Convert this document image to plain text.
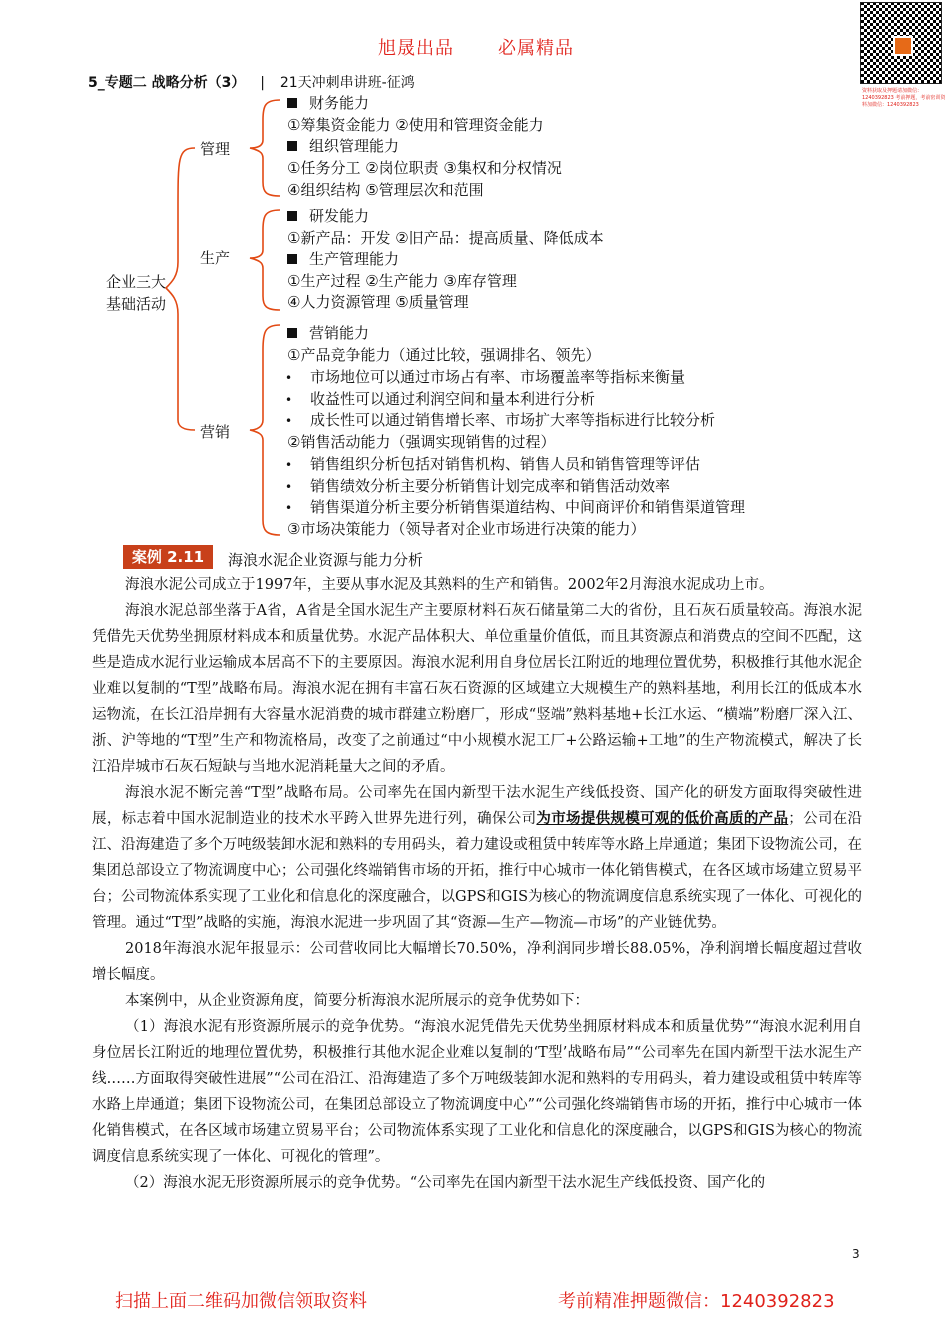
旭晟出品 必属精品
资料获取及押题请加微信：1240392823 考前押题，考前密训资料加微信：1240392823
5_专题二 战略分析（3） | 21天冲刺串讲班-征鸿
企业三大
基础活动
管理
生产
营销
财务能力
①筹集资金能力 ②使用和管理资金能力
组织管理能力
①任务分工 ②岗位职责 ③集权和分权情况
④组织结构 ⑤管理层次和范围
研发能力
①新产品：开发 ②旧产品：提高质量、降低成本
生产管理能力
①生产过程 ②生产能力 ③库存管理
④人力资源管理 ⑤质量管理
营销能力
①产品竞争能力（通过比较，强调排名、领先）
• 市场地位可以通过市场占有率、市场覆盖率等指标来衡量
• 收益性可以通过利润空间和量本利进行分析
• 成长性可以通过销售增长率、市场扩大率等指标进行比较分析
②销售活动能力（强调实现销售的过程）
• 销售组织分析包括对销售机构、销售人员和销售管理等评估
• 销售绩效分析主要分析销售计划完成率和销售活动效率
• 销售渠道分析主要分析销售渠道结构、中间商评价和销售渠道管理
③市场决策能力（领导者对企业市场进行决策的能力）
案例 2.11	海浪水泥企业资源与能力分析

海浪水泥公司成立于1997年，主要从事水泥及其熟料的生产和销售。2002年2月海浪水泥成功上市。

海浪水泥总部坐落于A省，A省是全国水泥生产主要原材料石灰石储量第二大的省份，且石灰石质量较高。海浪水泥凭借先天优势坐拥原材料成本和质量优势。水泥产品体积大、单位重量价值低，而且其资源点和消费点的空间不匹配，这些是造成水泥行业运输成本居高不下的主要原因。海浪水泥利用自身位居长江附近的地理位置优势，积极推行其他水泥企业难以复制的“T型”战略布局。海浪水泥在拥有丰富石灰石资源的区域建立大规模生产的熟料基地，利用长江的低成本水运物流，在长江沿岸拥有大容量水泥消费的城市群建立粉磨厂，形成“竖端”熟料基地+长江水运、“横端”粉磨厂深入江、浙、沪等地的“T型”生产和物流格局，改变了之前通过“中小规模水泥工厂+公路运输+工地”的生产物流模式，解决了长江沿岸城市石灰石短缺与当地水泥消耗量大之间的矛盾。

海浪水泥不断完善“T型”战略布局。公司率先在国内新型干法水泥生产线低投资、国产化的研发方面取得突破性进展，标志着中国水泥制造业的技术水平跨入世界先进行列，确保公司为市场提供规模可观的低价高质的产品；公司在沿江、沿海建造了多个万吨级装卸水泥和熟料的专用码头，着力建设或租赁中转库等水路上岸通道；集团下设物流公司，在集团总部设立了物流调度中心；公司强化终端销售市场的开拓，推行中心城市一体化销售模式，在各区域市场建立贸易平台；公司物流体系实现了工业化和信息化的深度融合，以GPS和GIS为核心的物流调度信息系统实现了一体化、可视化的管理。通过“T型”战略的实施，海浪水泥进一步巩固了其“资源—生产—物流—市场”的产业链优势。

2018年海浪水泥年报显示：公司营收同比大幅增长70.50%，净利润同步增长88.05%，净利润增长幅度超过营收增长幅度。

本案例中，从企业资源角度，简要分析海浪水泥所展示的竞争优势如下：

（1）海浪水泥有形资源所展示的竞争优势。“海浪水泥凭借先天优势坐拥原材料成本和质量优势”“海浪水泥利用自身位居长江附近的地理位置优势，积极推行其他水泥企业难以复制的‘T型’战略布局”“公司率先在国内新型干法水泥生产线……方面取得突破性进展”“公司在沿江、沿海建造了多个万吨级装卸水泥和熟料的专用码头，着力建设或租赁中转库等水路上岸通道；集团下设物流公司，在集团总部设立了物流调度中心”“公司强化终端销售市场的开拓，推行中心城市一体化销售模式，在各区域市场建立贸易平台；公司物流体系实现了工业化和信息化的深度融合，以GPS和GIS为核心的物流调度信息系统实现了一体化、可视化的管理”。

（2）海浪水泥无形资源所展示的竞争优势。“公司率先在国内新型干法水泥生产线低投资、国产化的

3
扫描上面二维码加微信领取资料	考前精准押题微信：1240392823
